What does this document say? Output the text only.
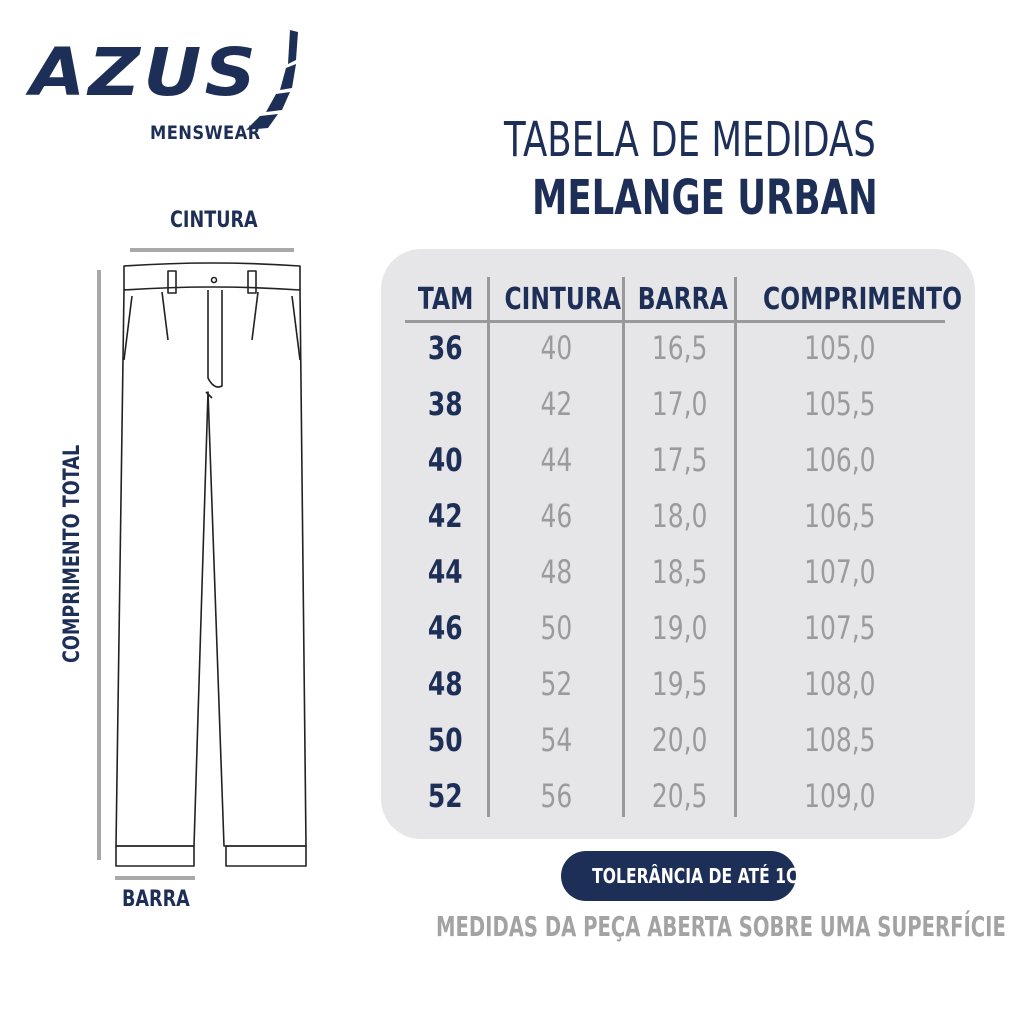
AZUS
MENSWEAR	TABELA DE MEDIDAS
MELANGE URBAN
CINTURA
COMPRIMENTO TOTAL
BARRA
TAM	CINTURA BARRA	COMPRIMENTO
36	40	16,5	105,0
38	42	17,0	105,5
40	44	17,5	106,0
42	46	18,0	106,5
44	48	18,5	107,0
46	50	19,0	107,5
48	52	19,5	108,0
50	54	20,0	108,5
52	56	20,5	109,0
TOLERÂNCIA DE ATÉ 1CM
MEDIDAS DA PEÇA ABERTA SOBRE UMA SUPERFÍCIE
